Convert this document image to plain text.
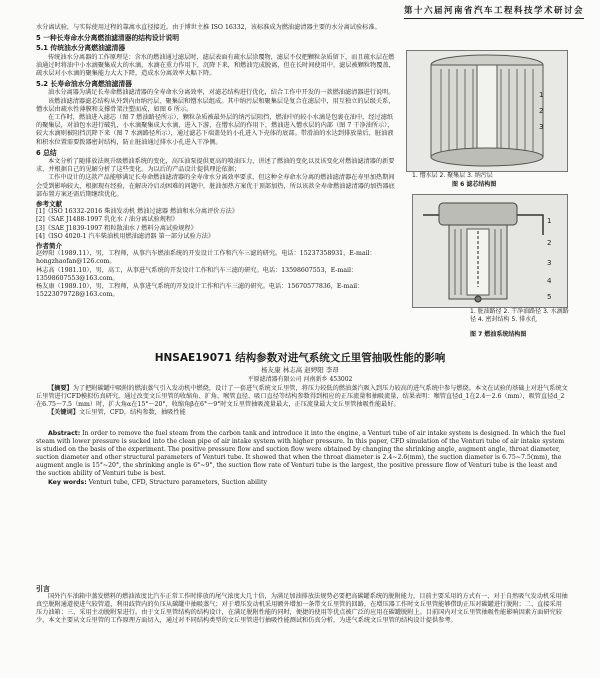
第十六届河南省汽车工程科技学术研讨会

水分离试验，与实际使用过程的靠离水直径接近。由于博世主推 ISO 16332，该标准成为燃油滤清器主要的水分离试验标准。

5 一种长寿命水分离燃油滤清器的结构设计说明
5.1 传统油水分离燃油滤清器

传统油水分离器的工作原理是：含水的燃油通过滤层时，滤层表面有疏水层涂覆物，滤层不仅把颗粒杂质留下，而且疏水层在燃油通过时将油中小水滴聚集成大的水滴，水滴在重力作用下，沉降下来，和燃油完成脱离，但在长时间使用中，滤层被颗粒物覆盖，疏水层对小水滴的聚集能力大大下降，造成水分离效率大幅下降。

5.2 长寿命油水分离燃油滤清器

油水分离器为满足长寿命燃油滤清器的全寿命水分离效率，对滤芯结构进行优化，结合工作中开发的一款燃油滤清器进行说明。

该燃油滤清器滤芯结构从外到内由纳污层、聚集层和憎水层组成。其中纳污层和聚集层是复合在滤层中，用互独立的层级关系，憎水层由疏水性薄膜和支撑骨架注塑而成，如图 6 所示。

在工作时，燃油进入滤芯（图 7 燃油路径所示），颗粒杂质被最外层的纳污层阻挡，燃油中的较小水滴是包裹在油中，经过滤纸的聚集层，对油包水进行破乳，小水滴聚集成大水滴，进入下游，在憎水层的作用下，燃油进入憎水层的内部（图 7 干净油所示），较大水滴则被阻挡沉降下来（图 7 水滴路径所示），通过滤芯下端盖处的小孔进入下壳体的底部。带滑油的水达到排放量后，脏油液和积水位置需要拨器密封结构，防止脏油通过排水小孔进入干净侧。

6 总结

本文分析了随排放法规升级燃油系统的变化，高压油泵提供更高的喷油压力，讲述了燃油的变化以及该变化对燃油滤清器的新要求，并根据自己的见解分析了这些变化。为以后的产品设计提供理论依据；

工作中设计的这款产品能够满足长寿命燃油滤清器的全寿命水分离效率要求，但这种全寿命水分离的燃油滤清器在寿里加热期间会受到影响较大，根据现有经验，在解决冷启动困难的问题中，脏油加热方案优于顶部加热，所以该款全寿命燃油滤清器的加热器底部布置方案还需后期继续优化。

参考文献

[1]《ISO 16332-2016 柴油发动机 燃油过滤器 燃油和水分离评价方法》

[2]《SAE J1488-1997 乳化水 / 油分离试验规程》

[3]《SAE J1839-1997 粗粒散油水 / 燃料分离试验规程》

[4]《ISO 4020-1 汽车柴油机用燃油滤清器 第一部分试验方法》

作者简介

赵婷阳（1989.11），男，工程师，从事汽车燃油系统的开发设计工作和汽车三滤的研究。电话：15237358931，E-mail：hongzhaofan@126.com。

林志高（1981.10），男，高工，从事进气系统的开发设计工作和汽车三滤的研究。电话：13598607553，E-mail：13598607553@163.com。

杨友康（1989.10），男，工程师，从事进气系统的开发设计工作和汽车三滤的研究。电话：15670577836，E-mail：15223079728@163.com。

1
2
3
1. 憎水层 2. 聚集层 3. 纳污层
图 6 滤芯结构图
1
2
3
4
5
1. 脏油路径 2. 干净油路径 3. 水滴路径 4. 密封结构 5. 排水孔
图 7 燃油系统结构图
HNSAE19071 结构参数对进气系统文丘里管抽吸性能的影响
杨友康 林志高 赵婷阳 李昂
平原滤清器有限公司 河南新乡 453002

【摘要】为了把附碳罐中吸附的燃油蒸气引入发动机中燃烧，设计了一套进气系统文丘里管，将压力较低的燃油蒸汽吸入到压力较高的进气系统中参与燃烧。本文在试验的基础上对进气系统文丘里管进行CFD模拟仿真研究，通过改变文丘里管的收缩角、扩角、喉管直径、吸口直径等结构参数得到相应的正压流量和抽吸流量，结果表明：喉管直径d_1在2.4～2.6（mm），吸管直径d_2在6.75～7.5（mm）时，扩大角α在15°～20°，收缩角β在6°～9°时文丘里管抽吸流量最大，正压流量最大文丘里管抽吸性能最好。

【关键词】文丘里管，CFD，结构参数，抽吸性能

Abstract: In order to remove the fuel steam from the carbon tank and introduce it into the engine, a Venturi tube of air intake system is designed. In which the fuel steam with lower pressure is sucked into the clean pipe of air intake system with higher pressure. In this paper, CFD simulation of the Venturi tube of air intake system is studied on the basis of the experiment. The positive pressure flow and suction flow were obtained by changing the shrinking angle, augment angle, throat diameter, suction diameter and other structural parameters of Venturi tube. It showed that when the throat diameter is 2.4~2.6(mm), the suction diameter is 6.75~7.5(mm), the augment angle is 15°~20°, the shrinking angle is 6°~9°, the suction flow rate of Venturi tube is the largest, the positive pressure flow of Venturi tube is the least and the suction ability of Venturi tube is best.

Key words: Venturi tube, CFD, Structure parameters, Suction ability

引言

国外汽车油箱中蒸发燃料的燃油浓度比汽车正常工作时排放的尾气浓度大几十倍，为满足加油排放法规势必要把高碳罐系统的脱附能力，目前主要采用的方式有一、对于自然吸气发动机采用抽真空脱附通道使进气较管道，利用歧管内的负压从碳罐中抽吸蒸气；对于增压发动机采用额外增加一条带文丘里管的回路，在增压器工作时文丘里管能够借助正压对碳罐进行脱附；二、直接采用压力油箱；三、采用主动脱附泵进行。由于文丘里管结构的结构设计，在满足脱附性能的同时，便捷的使用等优点被广泛的应用在碳罐脱附上。目前国内对文丘里管抽吸性能影响因素方面研究较少，本文主要从文丘里管的工作原理方面切入，通过对不同结构类型的文丘里管进行抽吸性能测试和仿真分析，为进气系统文丘里管的结构设计提供参考。
